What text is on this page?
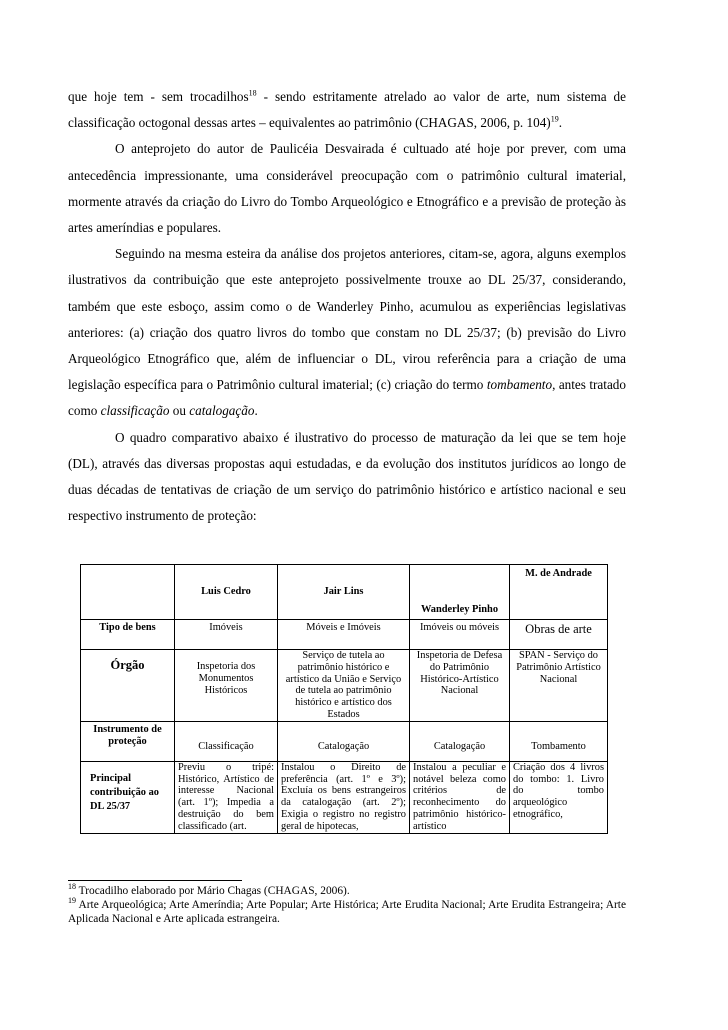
que hoje tem - sem trocadilhos$^{18}$ - sendo estritamente atrelado ao valor de arte, num sistema de classificação octogonal dessas artes – equivalentes ao patrimônio (CHAGAS, 2006, p. 104)$^{19}$.

O anteprojeto do autor de Paulicéia Desvairada é cultuado até hoje por prever, com uma antecedência impressionante, uma considerável preocupação com o patrimônio cultural imaterial, mormente através da criação do Livro do Tombo Arqueológico e Etnográfico e a previsão de proteção às artes ameríndias e populares.

Seguindo na mesma esteira da análise dos projetos anteriores, citam-se, agora, alguns exemplos ilustrativos da contribuição que este anteprojeto possivelmente trouxe ao DL 25/37, considerando, também que este esboço, assim como o de Wanderley Pinho, acumulou as experiências legislativas anteriores: (a) criação dos quatro livros do tombo que constam no DL 25/37; (b) previsão do Livro Arqueológico Etnográfico que, além de influenciar o DL, virou referência para a criação de uma legislação específica para o Patrimônio cultural imaterial; (c) criação do termo tombamento, antes tratado como classificação ou catalogação.

O quadro comparativo abaixo é ilustrativo do processo de maturação da lei que se tem hoje (DL), através das diversas propostas aqui estudadas, e da evolução dos institutos jurídicos ao longo de duas décadas de tentativas de criação de um serviço do patrimônio histórico e artístico nacional e seu respectivo instrumento de proteção:

	Luis Cedro	Jair Lins	Wanderley Pinho	M. de Andrade
Tipo de bens	Imóveis	Móveis e Imóveis	Imóveis ou móveis	Obras de arte
Órgão	Inspetoria dos Monumentos Históricos	Serviço de tutela ao patrimônio histórico e artístico da União e Serviço de tutela ao patrimônio histórico e artístico dos Estados	Inspetoria de Defesa do Patrimônio Histórico-Artístico Nacional	SPAN - Serviço do Patrimônio Artístico Nacional
Instrumento de proteção	Classificação	Catalogação	Catalogação	Tombamento
Principal contribuição ao DL 25/37	Previu o tripé: Histórico, Artístico de interesse Nacional (art. 1º); Impedia a destruição do bem classificado (art.	Instalou o Direito de preferência (art. 1º e 3º); Excluía os bens estrangeiros da catalogação (art. 2º); Exigia o registro no registro geral de hipotecas,	Instalou a peculiar e notável beleza como critérios de reconhecimento do patrimônio histórico-artístico	Criação dos 4 livros do tombo: 1. Livro do tombo arqueológico etnográfico,

$^{18}$ Trocadilho elaborado por Mário Chagas (CHAGAS, 2006).

$^{19}$ Arte Arqueológica; Arte Ameríndia; Arte Popular; Arte Histórica; Arte Erudita Nacional; Arte Erudita Estrangeira; Arte Aplicada Nacional e Arte aplicada estrangeira.
